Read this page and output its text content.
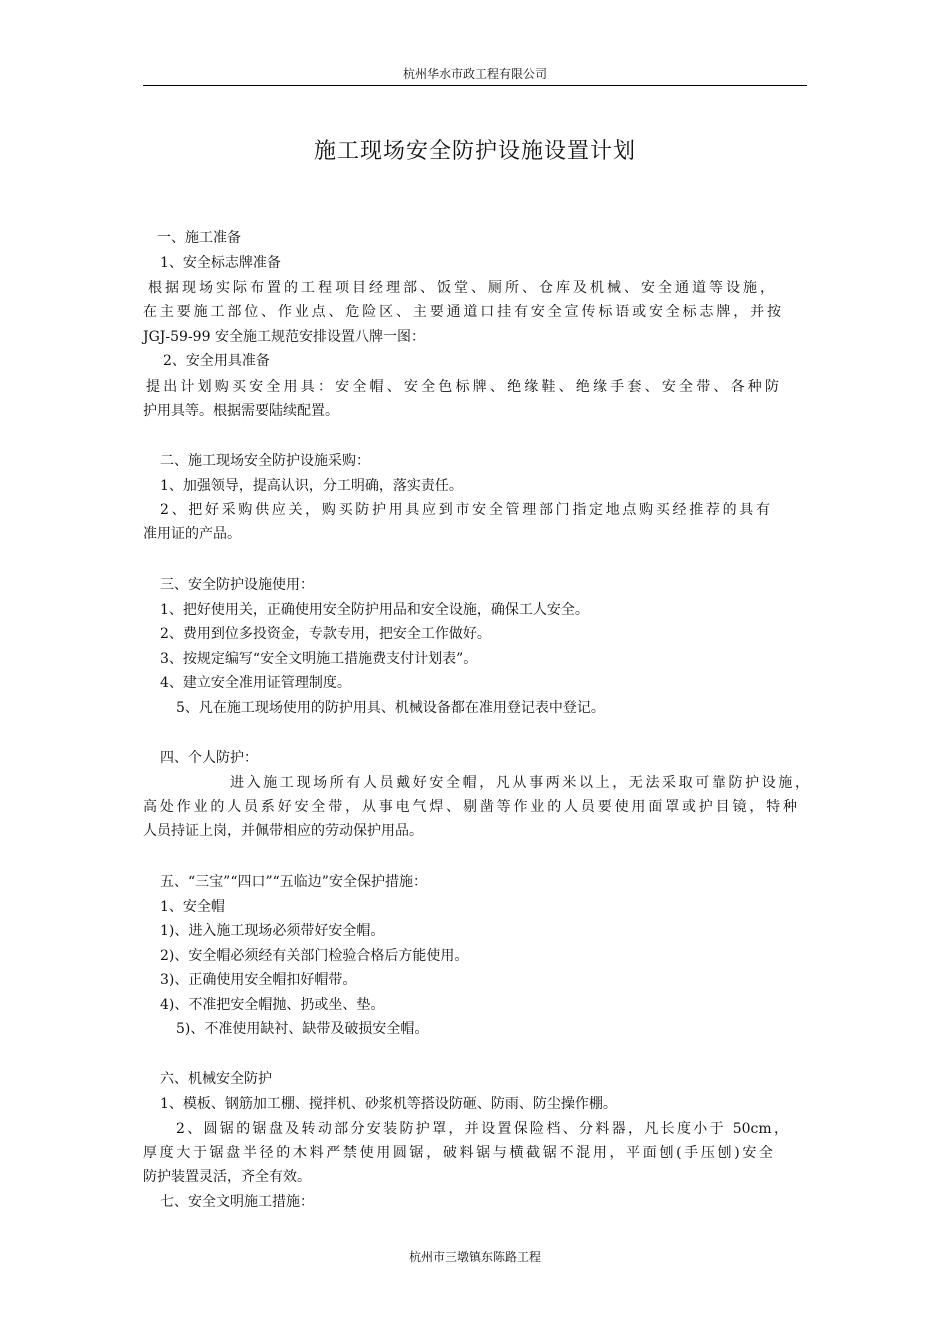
杭州华水市政工程有限公司
施工现场安全防护设施设置计划
一、施工准备
1、安全标志牌准备
根据现场实际布置的工程项目经理部、饭堂、厕所、仓库及机械、安全通道等设施，
在主要施工部位、作业点、危险区、主要通道口挂有安全宣传标语或安全标志牌，并按
JGJ-59-99 安全施工规范安排设置八牌一图：
2、安全用具准备
提出计划购买安全用具：安全帽、安全色标牌、绝缘鞋、绝缘手套、安全带、各种防
护用具等。根据需要陆续配置。
二、施工现场安全防护设施采购：
1、加强领导，提高认识，分工明确，落实责任。
2、把好采购供应关，购买防护用具应到市安全管理部门指定地点购买经推荐的具有
准用证的产品。
三、安全防护设施使用：
1、把好使用关，正确使用安全防护用品和安全设施，确保工人安全。
2、费用到位多投资金，专款专用，把安全工作做好。
3、按规定编写“安全文明施工措施费支付计划表”。
4、建立安全准用证管理制度。
5、凡在施工现场使用的防护用具、机械设备都在准用登记表中登记。
四、个人防护：
进入施工现场所有人员戴好安全帽，凡从事两米以上，无法采取可靠防护设施，
高处作业的人员系好安全带，从事电气焊、剔凿等作业的人员要使用面罩或护目镜，特种
人员持证上岗，并佩带相应的劳动保护用品。
五、“三宝”“四口”“五临边”安全保护措施：
1、安全帽
1)、进入施工现场必须带好安全帽。
2)、安全帽必须经有关部门检验合格后方能使用。
3)、正确使用安全帽扣好帽带。
4)、不准把安全帽抛、扔或坐、垫。
5)、不准使用缺衬、缺带及破损安全帽。
六、机械安全防护
1、模板、钢筋加工棚、搅拌机、砂浆机等搭设防砸、防雨、防尘操作棚。
2、圆锯的锯盘及转动部分安装防护罩，并设置保险档、分料器，凡长度小于 50cm，
厚度大于锯盘半径的木料严禁使用圆锯，破料锯与横截锯不混用，平面刨(手压刨)安全
防护装置灵活，齐全有效。
七、安全文明施工措施：
杭州市三墩镇东陈路工程
